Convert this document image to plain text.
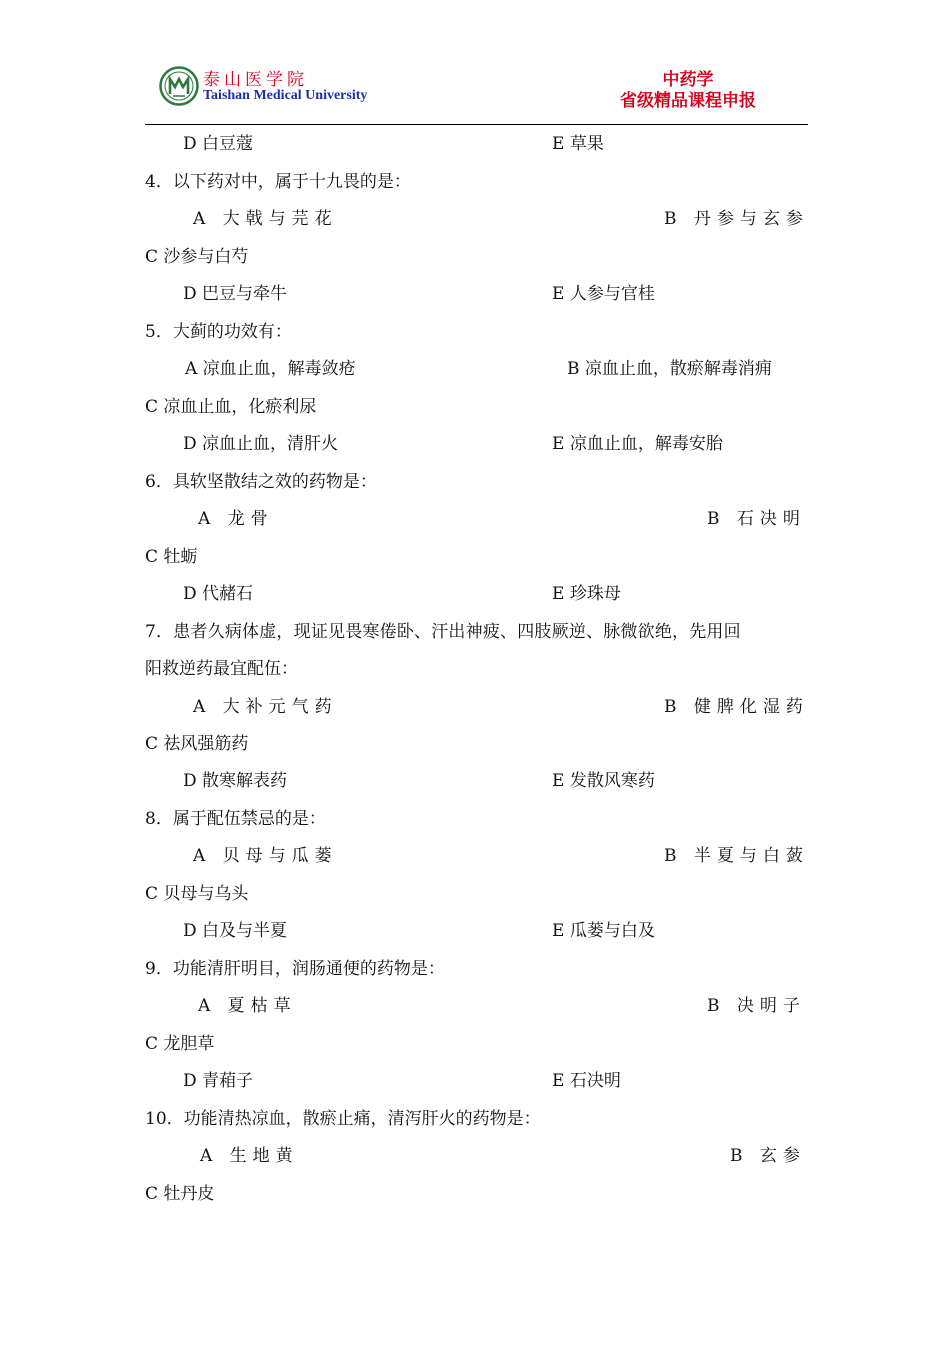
泰山医学院
Taishan Medical University
中药学
省级精品课程申报
D 白豆蔻	E 草果
4．以下药对中，属于十九畏的是：
A 大戟与芫花	B 丹参与玄参
C 沙参与白芍
D 巴豆与牵牛	E 人参与官桂
5．大蓟的功效有：
A 凉血止血，解毒敛疮	B 凉血止血，散瘀解毒消痈
C 凉血止血，化瘀利尿
D 凉血止血，清肝火	E 凉血止血，解毒安胎
6．具软坚散结之效的药物是：
A 龙骨	B 石决明
C 牡蛎
D 代赭石	E 珍珠母
7．患者久病体虚，现证见畏寒倦卧、汗出神疲、四肢厥逆、脉微欲绝，先用回
阳救逆药最宜配伍：
A 大补元气药	B 健脾化湿药
C 祛风强筋药
D 散寒解表药	E 发散风寒药
8．属于配伍禁忌的是：
A 贝母与瓜蒌	B 半夏与白蔹
C 贝母与乌头
D 白及与半夏	E 瓜蒌与白及
9．功能清肝明目，润肠通便的药物是：
A 夏枯草	B 决明子
C 龙胆草
D 青葙子	E 石决明
10．功能清热凉血，散瘀止痛，清泻肝火的药物是：
A 生地黄	B 玄参
C 牡丹皮
